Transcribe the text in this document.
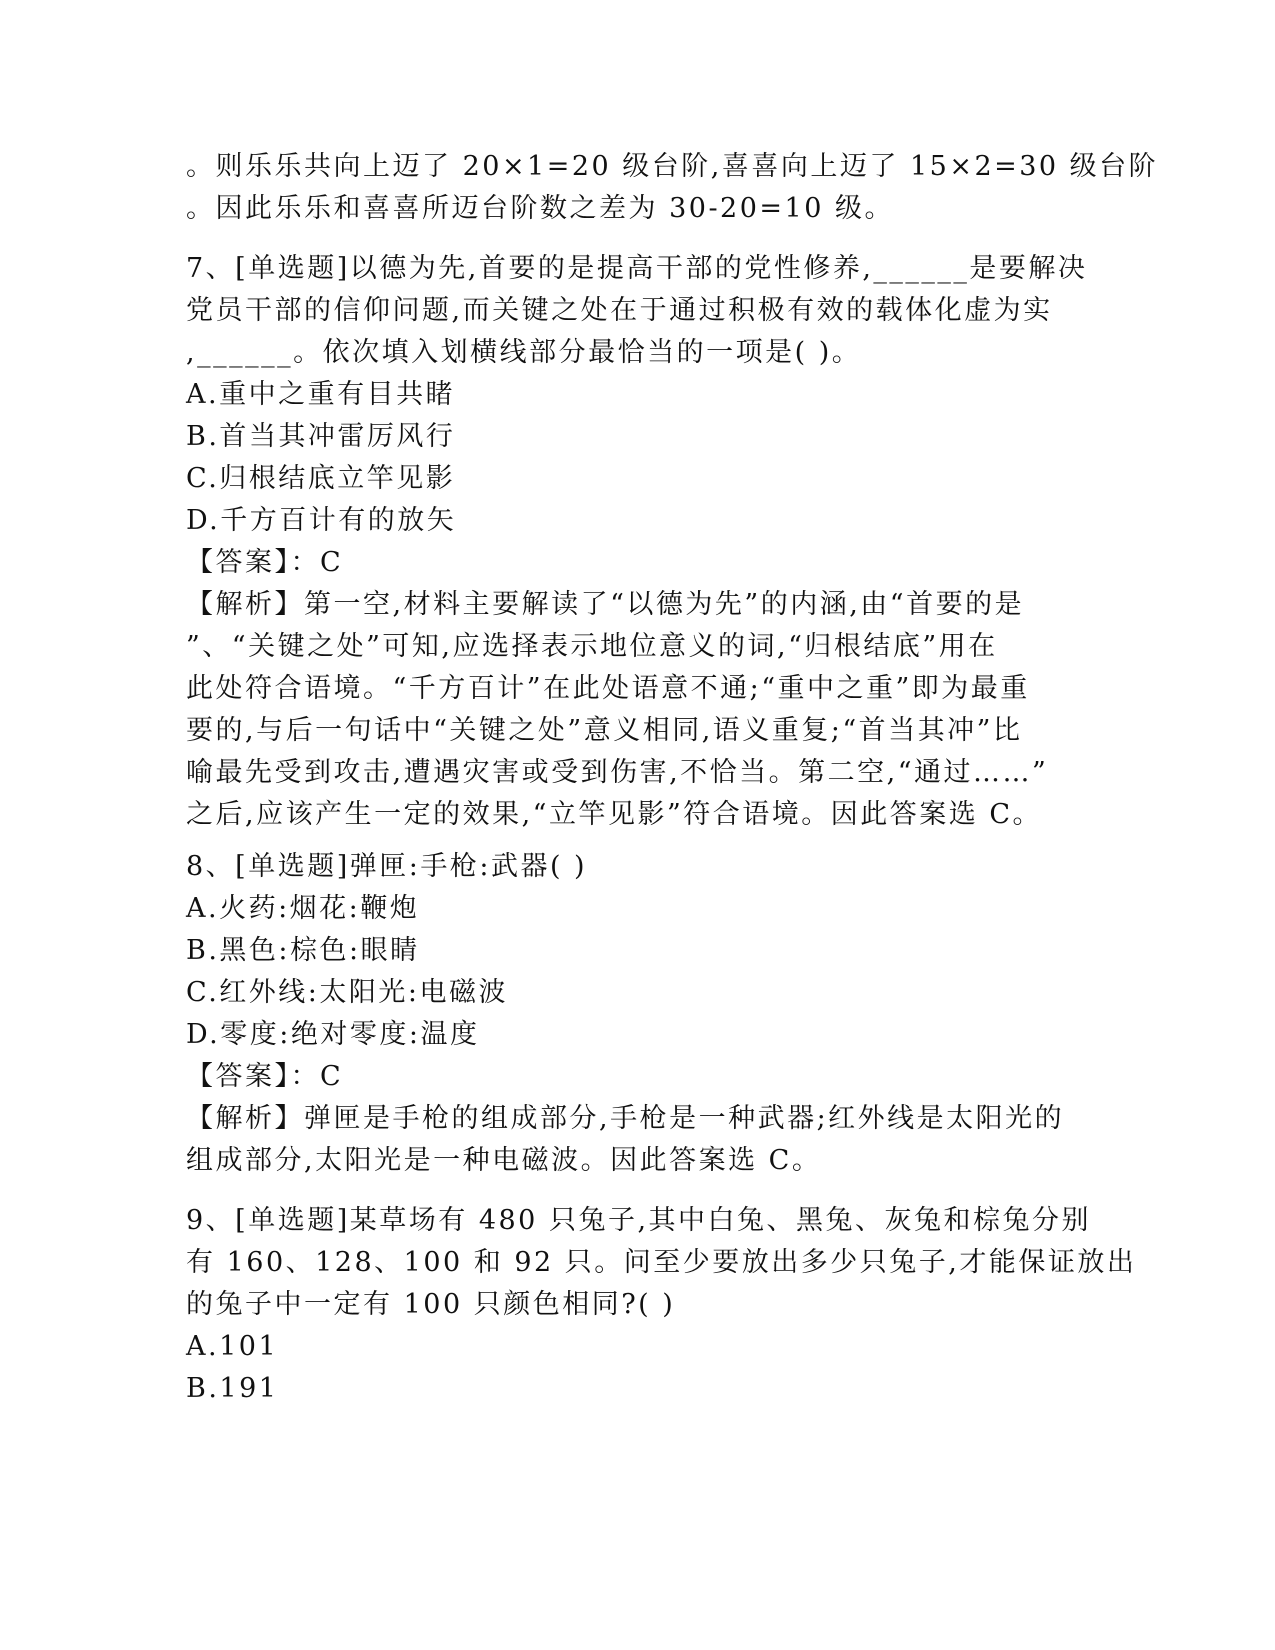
。则乐乐共向上迈了 20×1=20 级台阶,喜喜向上迈了 15×2=30 级台阶
。因此乐乐和喜喜所迈台阶数之差为 30-20=10 级。
7、[单选题]以德为先,首要的是提高干部的党性修养,______是要解决
党员干部的信仰问题,而关键之处在于通过积极有效的载体化虚为实
,______。依次填入划横线部分最恰当的一项是( )。
A.重中之重有目共睹
B.首当其冲雷厉风行
C.归根结底立竿见影
D.千方百计有的放矢
【答案】：C
【解析】第一空,材料主要解读了“以德为先”的内涵,由“首要的是
”、“关键之处”可知,应选择表示地位意义的词,“归根结底”用在
此处符合语境。“千方百计”在此处语意不通;“重中之重”即为最重
要的,与后一句话中“关键之处”意义相同,语义重复;“首当其冲”比
喻最先受到攻击,遭遇灾害或受到伤害,不恰当。第二空,“通过……”
之后,应该产生一定的效果,“立竿见影”符合语境。因此答案选 C。
8、[单选题]弹匣:手枪:武器( )
A.火药:烟花:鞭炮
B.黑色:棕色:眼睛
C.红外线:太阳光:电磁波
D.零度:绝对零度:温度
【答案】：C
【解析】弹匣是手枪的组成部分,手枪是一种武器;红外线是太阳光的
组成部分,太阳光是一种电磁波。因此答案选 C。
9、[单选题]某草场有 480 只兔子,其中白兔、黑兔、灰兔和棕兔分别
有 160、128、100 和 92 只。问至少要放出多少只兔子,才能保证放出
的兔子中一定有 100 只颜色相同?( )
A.101
B.191
